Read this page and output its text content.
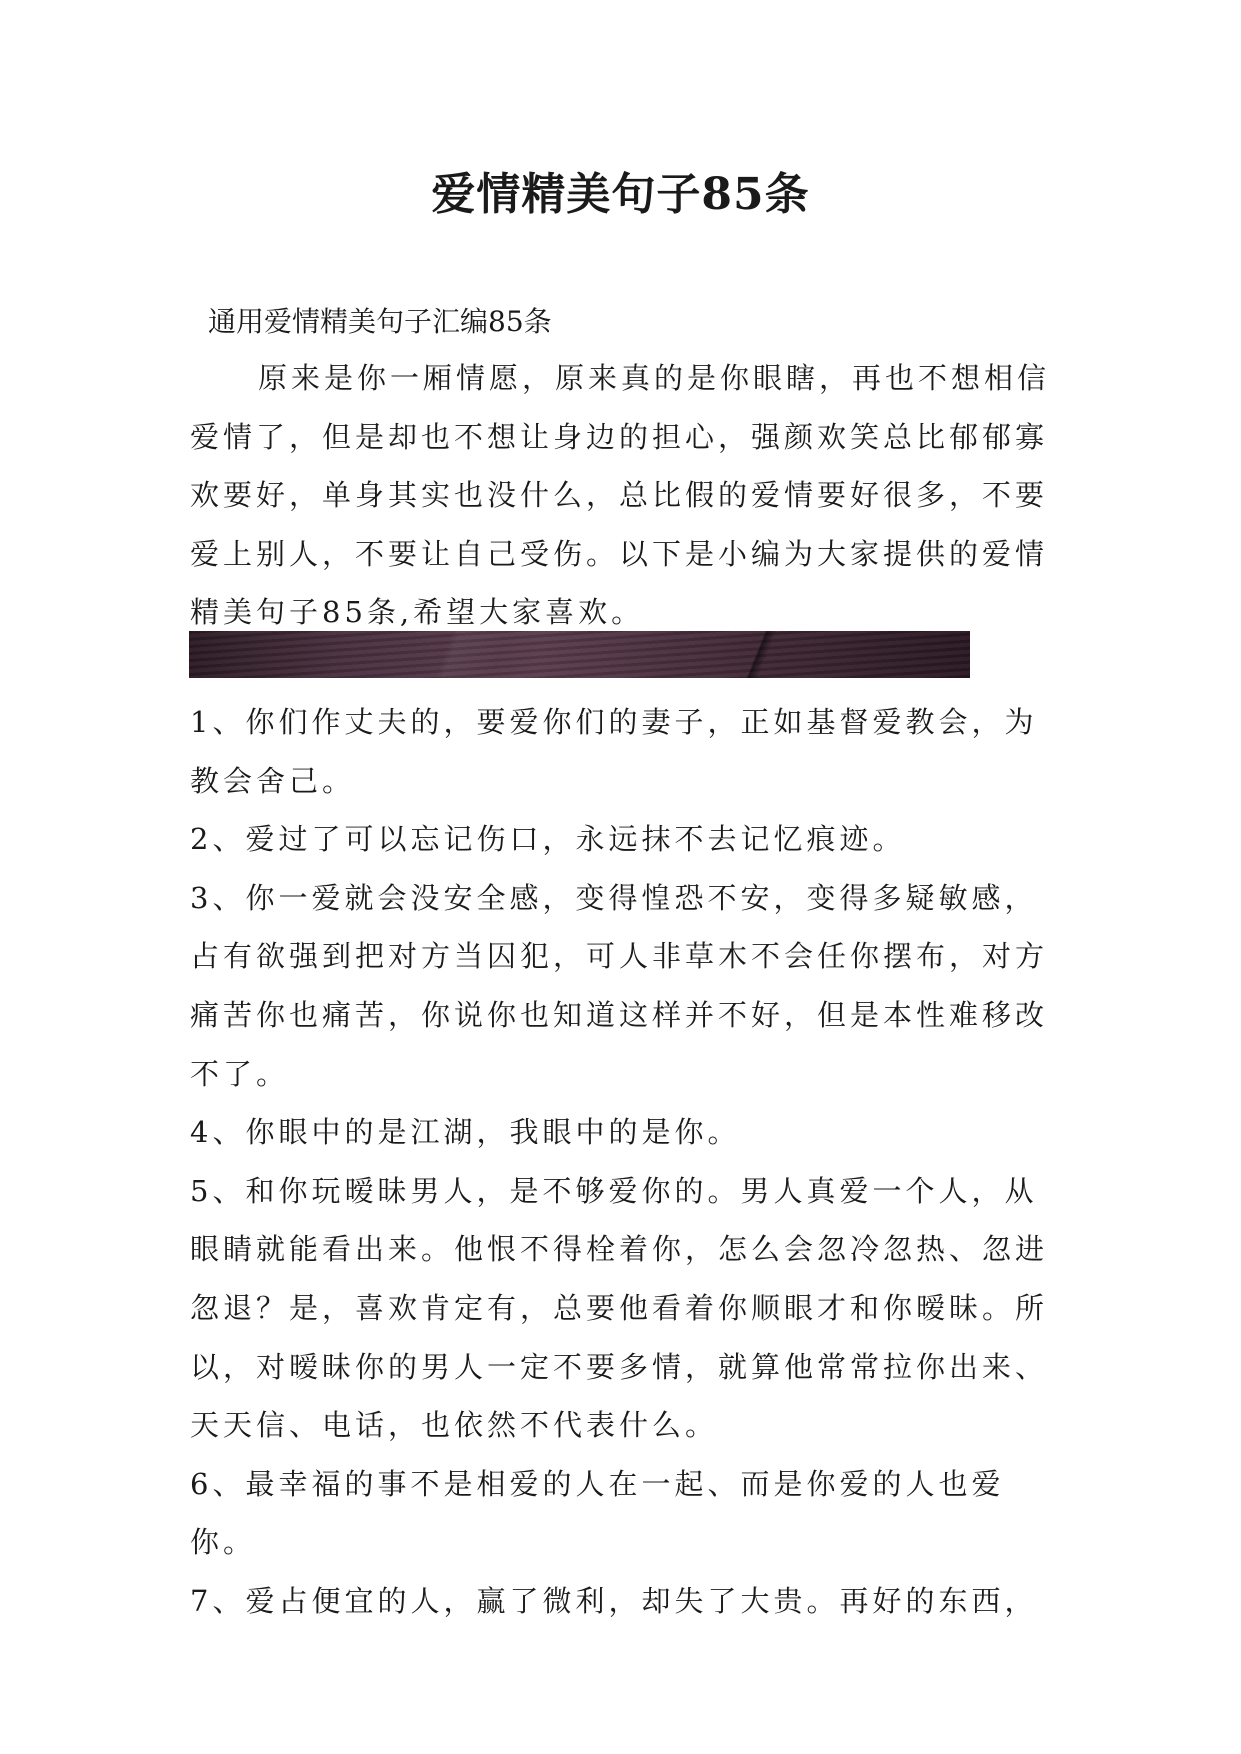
爱情精美句子85条

通用爱情精美句子汇编85条

原来是你一厢情愿，原来真的是你眼瞎，再也不想相信爱情了，但是却也不想让身边的担心，强颜欢笑总比郁郁寡欢要好，单身其实也没什么，总比假的爱情要好很多，不要爱上别人，不要让自己受伤。以下是小编为大家提供的爱情精美句子85条,希望大家喜欢。

1、你们作丈夫的，要爱你们的妻子，正如基督爱教会，为教会舍己。

2、爱过了可以忘记伤口，永远抹不去记忆痕迹。

3、你一爱就会没安全感，变得惶恐不安，变得多疑敏感，占有欲强到把对方当囚犯，可人非草木不会任你摆布，对方痛苦你也痛苦，你说你也知道这样并不好，但是本性难移改不了。

4、你眼中的是江湖，我眼中的是你。

5、和你玩暧昧男人，是不够爱你的。男人真爱一个人，从眼睛就能看出来。他恨不得栓着你，怎么会忽冷忽热、忽进忽退？是，喜欢肯定有，总要他看着你顺眼才和你暧昧。所以，对暧昧你的男人一定不要多情，就算他常常拉你出来、天天信、电话，也依然不代表什么。

6、最幸福的事不是相爱的人在一起、而是你爱的人也爱你。

7、爱占便宜的人，赢了微利，却失了大贵。再好的东西，
